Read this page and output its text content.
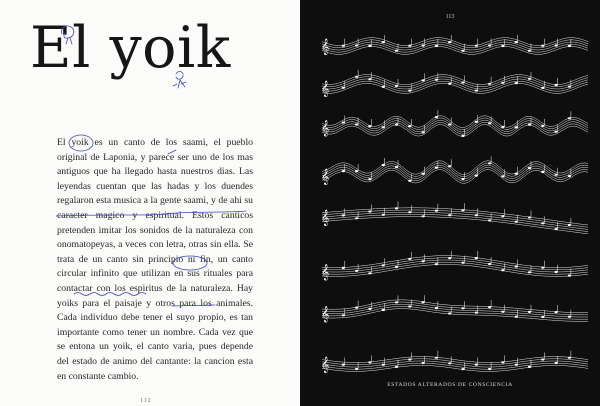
El yoik

El yoik es un canto de los saami, el pueblo original de Laponia, y parece ser uno de los mas antiguos que ha llegado hasta nuestros dias. Las leyendas cuentan que las hadas y los duendes regalaron esta musica a la gente saami, y de ahi su caracter magico y espiritual. Estos canticos pretenden imitar los sonidos de la naturaleza con onomatopeyas, a veces con letra, otras sin ella. Se trata de un canto sin principio ni fin, un canto circular infinito que utilizan en sus rituales para contactar con los espiritus de la naturaleza. Hay yoiks para el paisaje y otros para los animales. Cada individuo debe tener el suyo propio, es tan importante como tener un nombre. Cada vez que se entona un yoik, el canto varia, pues depende del estado de animo del cantante: la cancion esta en constante cambio.

112
113
𝄞
𝄞
𝄞
𝄞
𝄞
𝄞
𝄞
𝄞
ESTADOS ALTERADOS DE CONSCIENCIA
